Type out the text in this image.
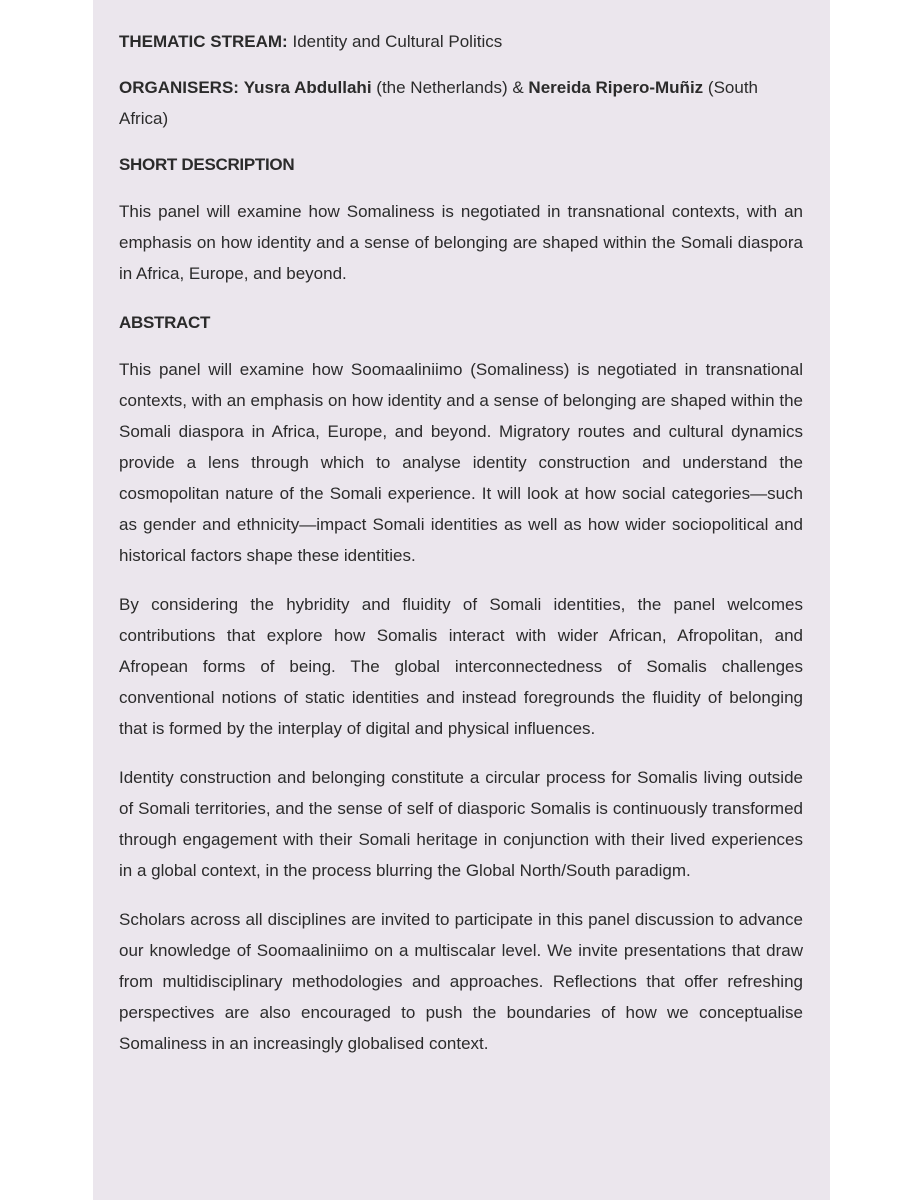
THEMATIC STREAM: Identity and Cultural Politics

ORGANISERS: Yusra Abdullahi (the Netherlands) & Nereida Ripero-Muñiz (South Africa)

SHORT DESCRIPTION

This panel will examine how Somaliness is negotiated in transnational contexts, with an emphasis on how identity and a sense of belonging are shaped within the Somali diaspora in Africa, Europe, and beyond.

ABSTRACT

This panel will examine how Soomaaliniimo (Somaliness) is negotiated in transnational contexts, with an emphasis on how identity and a sense of belonging are shaped within the Somali diaspora in Africa, Europe, and beyond. Migratory routes and cultural dynamics provide a lens through which to analyse identity construction and understand the cosmopolitan nature of the Somali experience. It will look at how social categories—such as gender and ethnicity—impact Somali identities as well as how wider sociopolitical and historical factors shape these identities.

By considering the hybridity and fluidity of Somali identities, the panel welcomes contributions that explore how Somalis interact with wider African, Afropolitan, and Afropean forms of being. The global interconnectedness of Somalis challenges conventional notions of static identities and instead foregrounds the fluidity of belonging that is formed by the interplay of digital and physical influences.

Identity construction and belonging constitute a circular process for Somalis living outside of Somali territories, and the sense of self of diasporic Somalis is continuously transformed through engagement with their Somali heritage in conjunction with their lived experiences in a global context, in the process blurring the Global North/South paradigm.

Scholars across all disciplines are invited to participate in this panel discussion to advance our knowledge of Soomaaliniimo on a multiscalar level. We invite presentations that draw from multidisciplinary methodologies and approaches. Reflections that offer refreshing perspectives are also encouraged to push the boundaries of how we conceptualise Somaliness in an increasingly globalised context.
